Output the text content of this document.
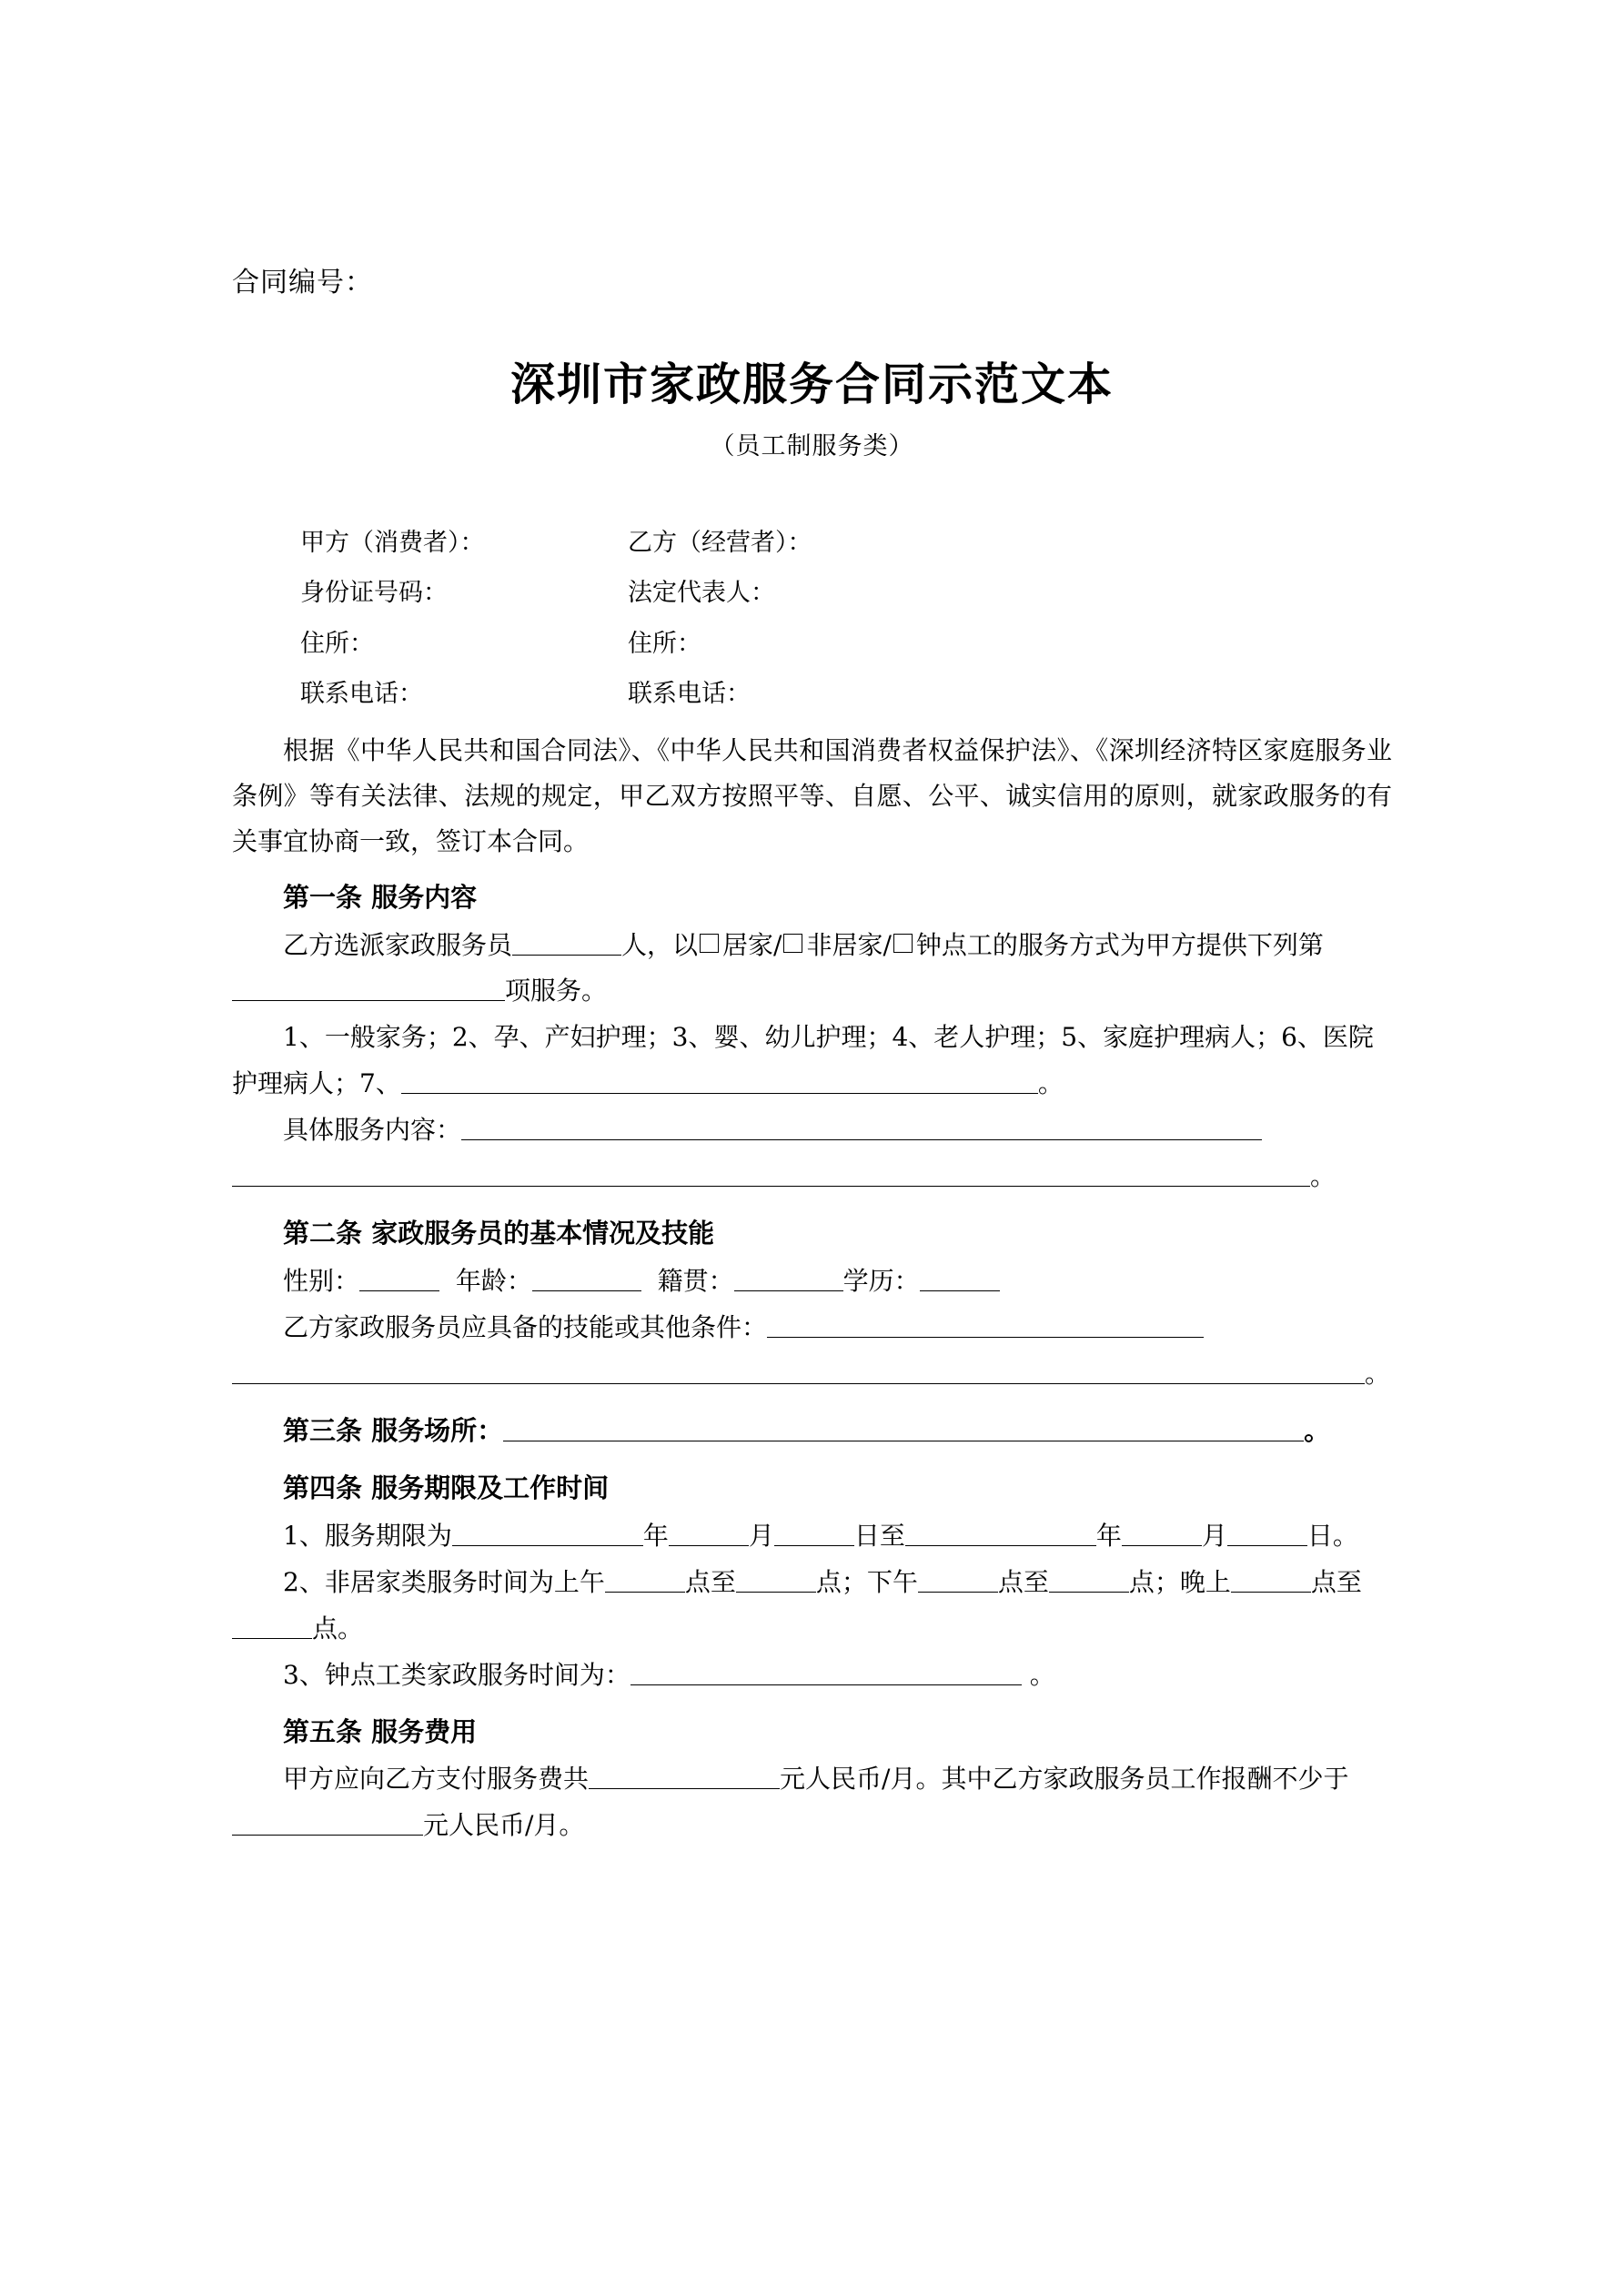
合同编号：
深圳市家政服务合同示范文本
（员工制服务类）
甲方（消费者）：	乙方（经营者）：
身份证号码：	法定代表人：
住所：	住所：
联系电话：	联系电话：

根据《中华人民共和国合同法》、《中华人民共和国消费者权益保护法》、《深圳经济特区家庭服务业条例》等有关法律、法规的规定，甲乙双方按照平等、自愿、公平、诚实信用的原则，就家政服务的有关事宜协商一致，签订本合同。

第一条 服务内容

乙方选派家政服务员	人，以 居家/ 非居家/ 钟点工的服务方式为甲方提供下列第项服务。

1、一般家务；2、孕、产妇护理；3、婴、幼儿护理；4、老人护理；5、家庭护理病人；6、医院护理病人；7、	。

具体服务内容：

。

第二条 家政服务员的基本情况及技能

性别：	年龄：	籍贯：	学历：

乙方家政服务员应具备的技能或其他条件：

。

第三条 服务场所：	。

第四条 服务期限及工作时间

1、服务期限为	年	月	日至	年	月	日。

2、非居家类服务时间为上午	点至	点；下午	点至	点；晚上	点至点。

3、钟点工类家政服务时间为：	。

第五条 服务费用

甲方应向乙方支付服务费共	元人民币/月。其中乙方家政服务员工作报酬不少于元人民币/月。
